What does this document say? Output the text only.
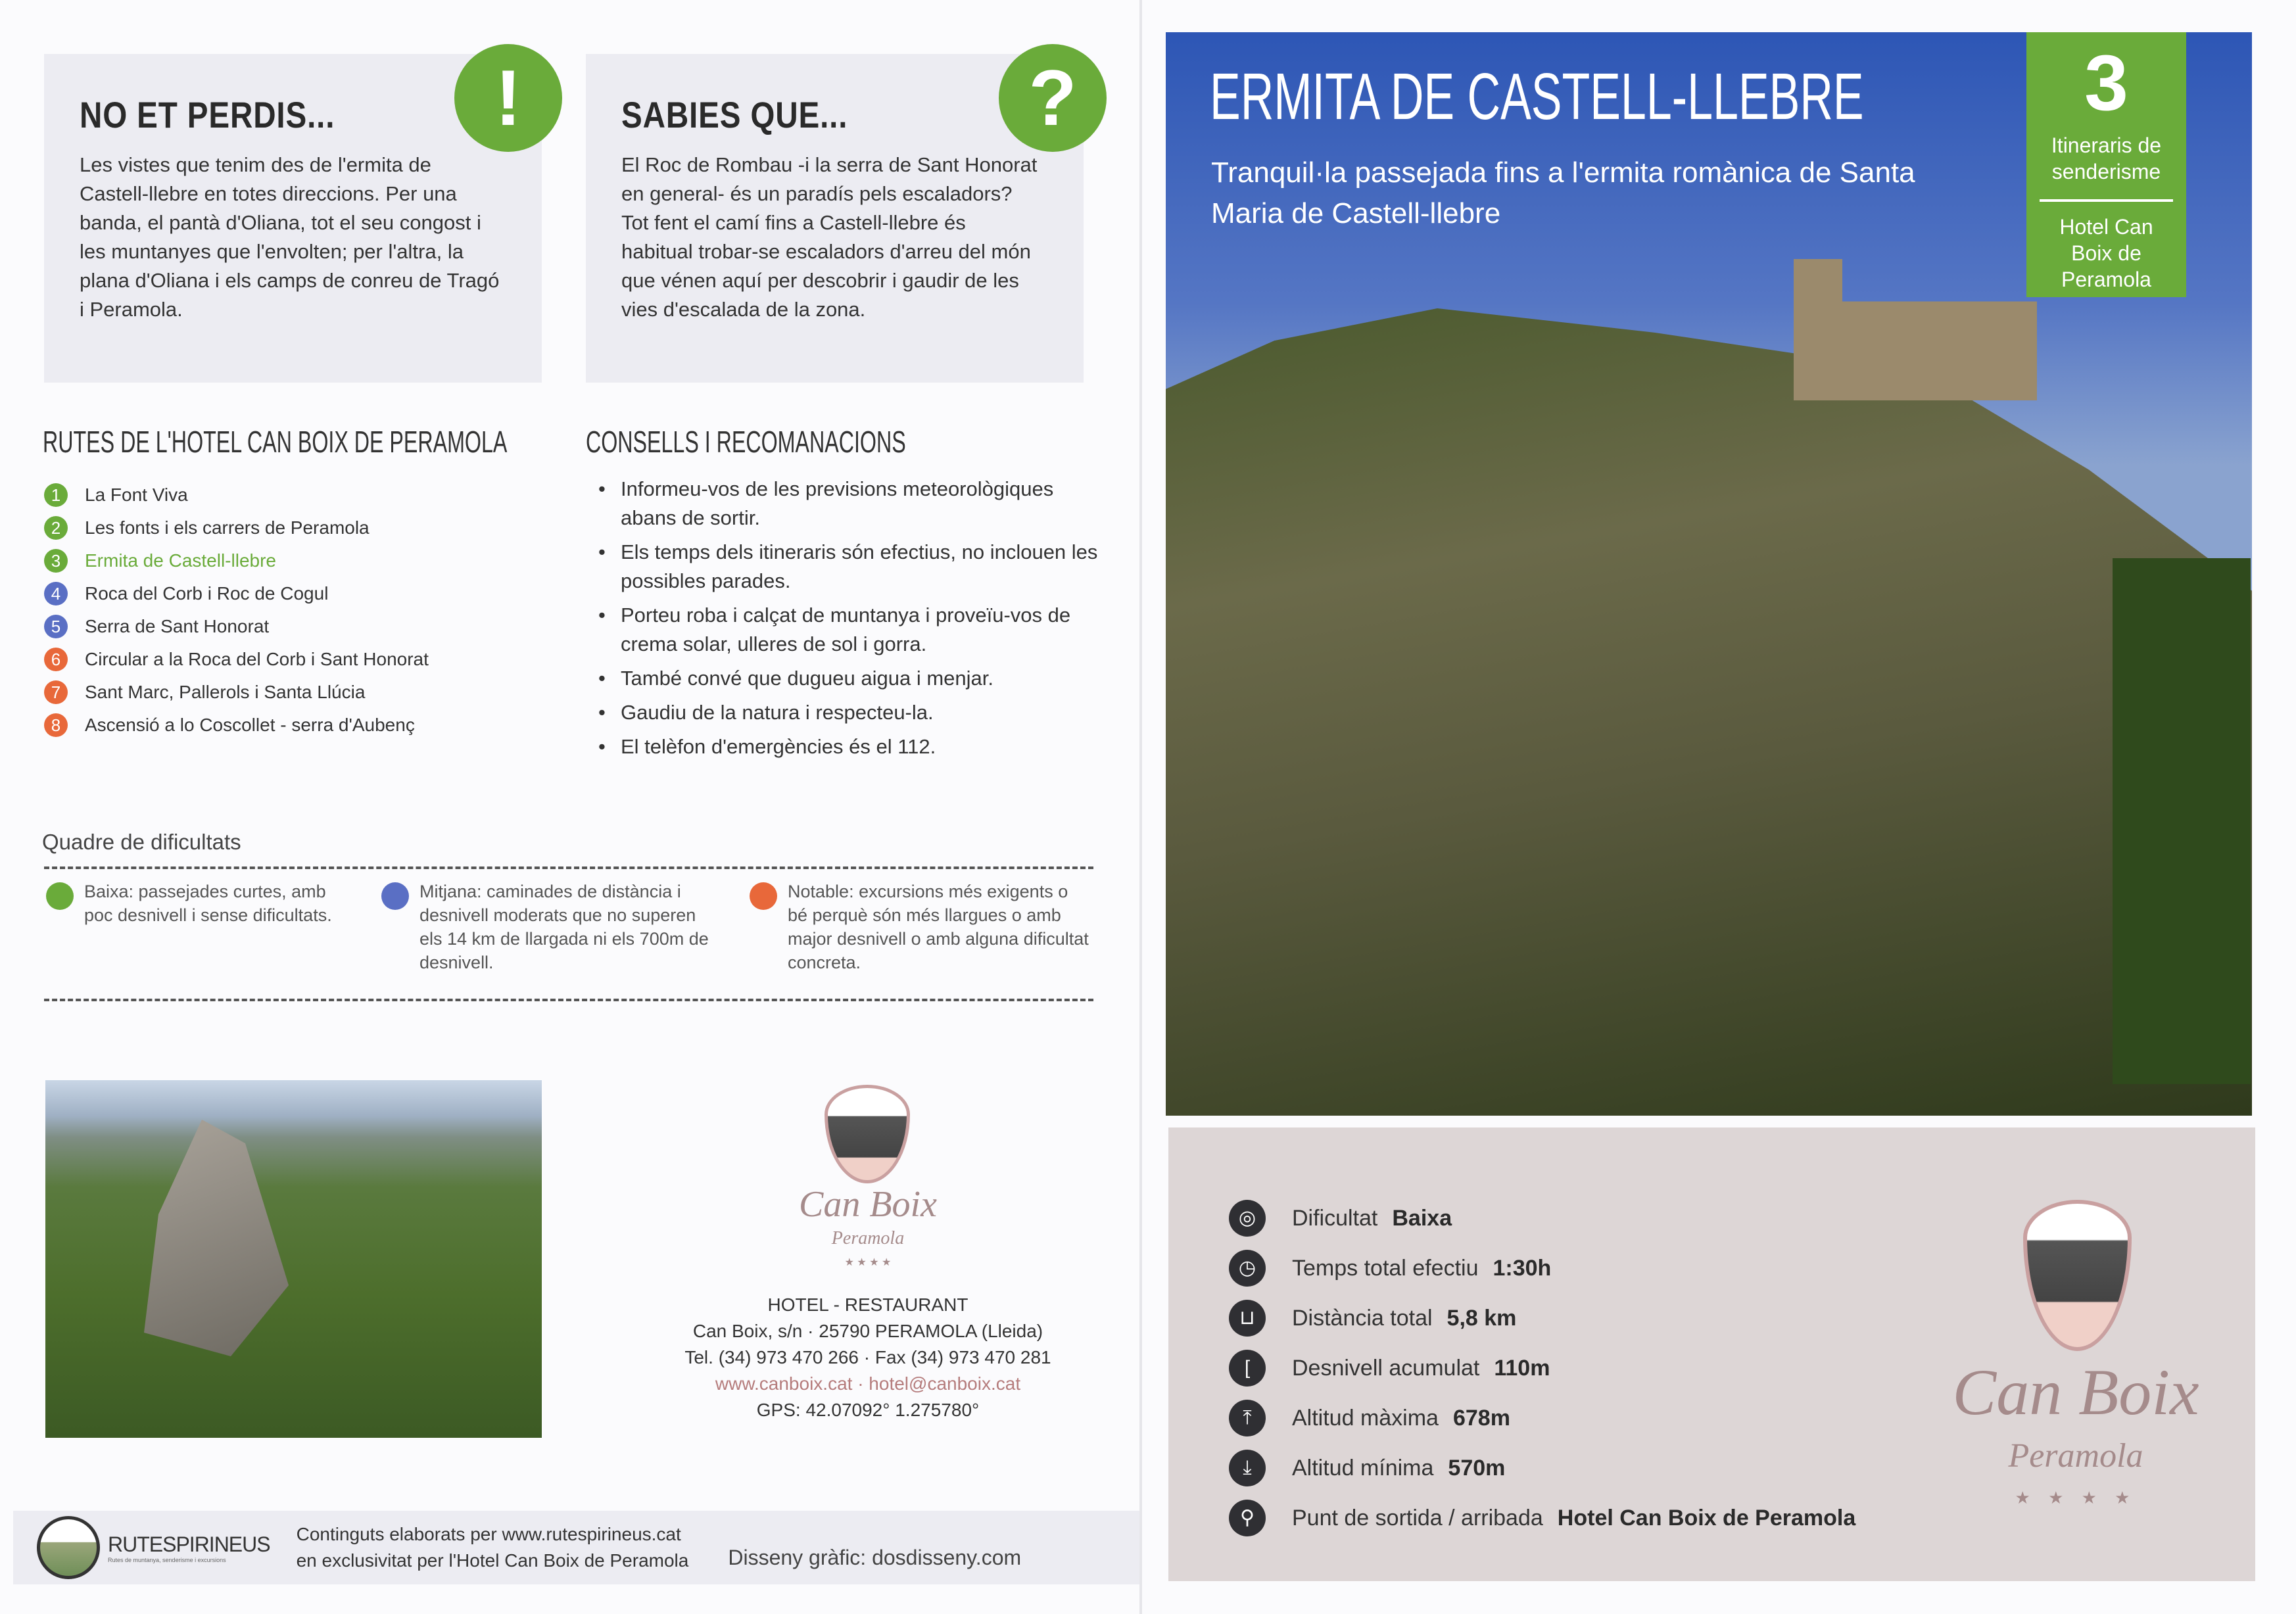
NO ET PERDIS...

Les vistes que tenim des de l'ermita de Castell-llebre en totes direccions. Per una banda, el pantà d'Oliana, tot el seu congost i les muntanyes que l'envolten; per l'altra, la plana d'Oliana i els camps de conreu de Tragó i Peramola.

!	SABIES QUE...

El Roc de Rombau -i la serra de Sant Honorat en general- és un paradís pels escaladors? Tot fent el camí fins a Castell-llebre és habitual trobar-se escaladors d'arreu del món que vénen aquí per descobrir i gaudir de les vies d'escalada de la zona.

?
RUTES DE L'HOTEL CAN BOIX DE PERAMOLA
1	La Font Viva
2	Les fonts i els carrers de Peramola
3	Ermita de Castell-llebre
4	Roca del Corb i Roc de Cogul
5	Serra de Sant Honorat
6	Circular a la Roca del Corb i Sant Honorat
7	Sant Marc, Pallerols i Santa Llúcia
8	Ascensió a lo Coscollet - serra d'Aubenç
CONSELLS I RECOMANACIONS
• Informeu-vos de les previsions meteorològiques abans de sortir.
• Els temps dels itineraris són efectius, no inclouen les possibles parades.
• Porteu roba i calçat de muntanya i proveïu-vos de crema solar, ulleres de sol i gorra.
• També convé que dugueu aigua i menjar.
• Gaudiu de la natura i respecteu-la.
• El telèfon d'emergències és el 112.
Quadre de dificultats
Baixa: passejades curtes, amb poc desnivell i sense dificultats.
Mitjana: caminades de distància i desnivell moderats que no superen els 14 km de llargada ni els 700m de desnivell.
Notable: excursions més exigents o bé perquè són més llargues o amb major desnivell o amb alguna dificultat concreta.
Can Boix
Peramola
★ ★ ★ ★
HOTEL - RESTAURANT
Can Boix, s/n · 25790 PERAMOLA (Lleida)
Tel. (34) 973 470 266 · Fax (34) 973 470 281
www.canboix.cat · hotel@canboix.cat
GPS: 42.07092° 1.275780°
RUTESPIRINEUS
Rutes de muntanya, senderisme i excursions
Continguts elaborats per www.rutespirineus.cat
en exclusivitat per l'Hotel Can Boix de Peramola Disseny gràfic: dosdisseny.com
ERMITA DE CASTELL-LLEBRE
Tranquil·la passejada fins a l'ermita romànica de Santa Maria de Castell-llebre
3
Itineraris de senderisme
Hotel Can Boix de Peramola
◎	Dificultat Baixa
◷	Temps total efectiu 1:30h
⊔	Distància total 5,8 km
[	Desnivell acumulat 110m
⤒	Altitud màxima 678m
⤓	Altitud mínima 570m
⚲	Punt de sortida / arribada Hotel Can Boix de Peramola
Can Boix
Peramola
★ ★ ★ ★
